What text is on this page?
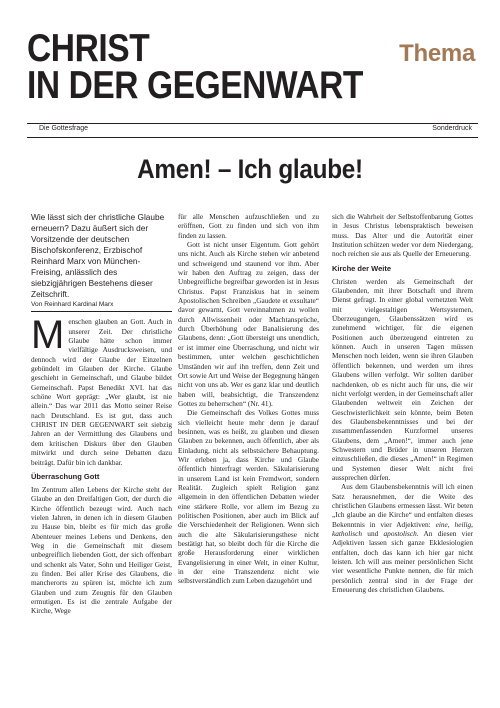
CHRIST
IN DER GEGENWART
Thema
Die Gottesfrage	Sonderdruck
Amen! – Ich glaube!

Wie lässt sich der christliche Glaube erneuern? Dazu äußert sich der Vorsitzende der deutschen Bischofskonferenz, Erzbischof Reinhard Marx von München-Freising, anlässlich des siebzigjährigen Bestehens dieser Zeitschrift.

Von Reinhard Kardinal Marx

Menschen glauben an Gott. Auch in unserer Zeit. Der christliche Glaube hätte schon immer vielfältige Ausdrucksweisen, und dennoch wird der Glaube der Einzelnen gebündelt im Glauben der Kirche. Glaube geschieht in Gemeinschaft, und Glaube bildet Gemeinschaft. Papst Benedikt XVI. hat das schöne Wort geprägt: „Wer glaubt, ist nie allein.“ Das war 2011 das Motto seiner Reise nach Deutschland. Es ist gut, dass auch CHRIST IN DER GEGENWART seit siebzig Jahren an der Vermittlung des Glaubens und dem kritischen Diskurs über den Glauben mitwirkt und durch seine Debatten dazu beiträgt. Dafür bin ich dankbar.

Überraschung Gott

Im Zentrum allen Lebens der Kirche steht der Glaube an den Dreifaltigen Gott, der durch die Kirche öffentlich bezeugt wird. Auch nach vielen Jahren, in denen ich in diesem Glauben zu Hause bin, bleibt es für mich das große Abenteuer meines Lebens und Denkens, den Weg in die Gemeinschaft mit diesem unbegreiflich liebenden Gott, der sich offenbart und schenkt als Vater, Sohn und Heiliger Geist, zu finden. Bei aller Krise des Glaubens, die mancherorts zu spüren ist, möchte ich zum Glauben und zum Zeugnis für den Glauben ermutigen. Es ist die zentrale Aufgabe der Kirche, Wege

für alle Menschen aufzuschließen und zu eröffnen, Gott zu finden und sich von ihm finden zu lassen.

Gott ist nicht unser Eigentum. Gott gehört uns nicht. Auch als Kirche stehen wir anbetend und schweigend und staunend vor ihm. Aber wir haben den Auftrag zu zeigen, dass der Unbegreifliche begreifbar geworden ist in Jesus Christus. Papst Franziskus hat in seinem Apostolischen Schreiben „Gaudete et exsultate“ davor gewarnt, Gott vereinnahmen zu wollen durch Allwissenheit oder Machtansprüche, durch Überhöhung oder Banalisierung des Glaubens, denn: „Gott übersteigt uns unendlich, er ist immer eine Überraschung, und nicht wir bestimmen, unter welchen geschichtlichen Umständen wir auf ihn treffen, denn Zeit und Ort sowie Art und Weise der Begegnung hängen nicht von uns ab. Wer es ganz klar und deutlich haben will, beabsichtigt, die Transzendenz Gottes zu beherrschen“ (Nr. 41).

Die Gemeinschaft des Volkes Gottes muss sich vielleicht heute mehr denn je darauf besinnen, was es heißt, zu glauben und diesen Glauben zu bekennen, auch öffentlich, aber als Einladung, nicht als selbstsichere Behauptung. Wir erleben ja, dass Kirche und Glaube öffentlich hinterfragt werden. Säkularisierung in unserem Land ist kein Fremdwort, sondern Realität. Zugleich spielt Religion ganz allgemein in den öffentlichen Debatten wieder eine stärkere Rolle, vor allem im Bezug zu politischen Positionen, aber auch im Blick auf die Verschiedenheit der Religionen. Wenn sich auch die alte Säkularisierungsthese nicht bestätigt hat, so bleibt doch für die Kirche die große Herausforderung einer wirklichen Evangelisierung in einer Welt, in einer Kultur, in der eine Transzendenz nicht wie selbstverständlich zum Leben dazugehört und

sich die Wahrheit der Selbstoffenbarung Gottes in Jesus Christus lebenspraktisch beweisen muss. Das Alter und die Autorität einer Institution schützen weder vor dem Niedergang, noch reichen sie aus als Quelle der Erneuerung.

Kirche der Weite

Christen werden als Gemeinschaft der Glaubenden, mit ihrer Botschaft und ihrem Dienst gefragt. In einer global vernetzten Welt mit vielgestaltigen Wertsystemen, Überzeugungen, Glaubenssätzen wird es zunehmend wichtiger, für die eigenen Positionen auch überzeugend eintreten zu können. Auch in unseren Tagen müssen Menschen noch leiden, wenn sie ihren Glauben öffentlich bekennen, und werden um ihres Glaubens willen verfolgt. Wir sollten darüber nachdenken, ob es nicht auch für uns, die wir nicht verfolgt werden, in der Gemeinschaft aller Glaubenden weltweit ein Zeichen der Geschwisterlichkeit sein könnte, beim Beten des Glaubensbekenntnisses und bei der zusammenfassenden Kurzformel unseres Glaubens, dem „Amen!“, immer auch jene Schwestern und Brüder in unseren Herzen einzuschließen, die dieses „Amen!“ in Regimen und Systemen dieser Welt nicht frei aussprechen dürfen.

Aus dem Glaubensbekenntnis will ich einen Satz herausnehmen, der die Weite des christlichen Glaubens ermessen lässt. Wir beten „Ich glaube an die Kirche“ und entfalten dieses Bekenntnis in vier Adjektiven: eine, heilig, katholisch und apostolisch. An diesen vier Adjektiven lassen sich ganze Ekklesiologien entfalten, doch das kann ich hier gar nicht leisten. Ich will aus meiner persönlichen Sicht vier wesentliche Punkte nennen, die für mich persönlich zentral sind in der Frage der Erneuerung des christlichen Glaubens.
